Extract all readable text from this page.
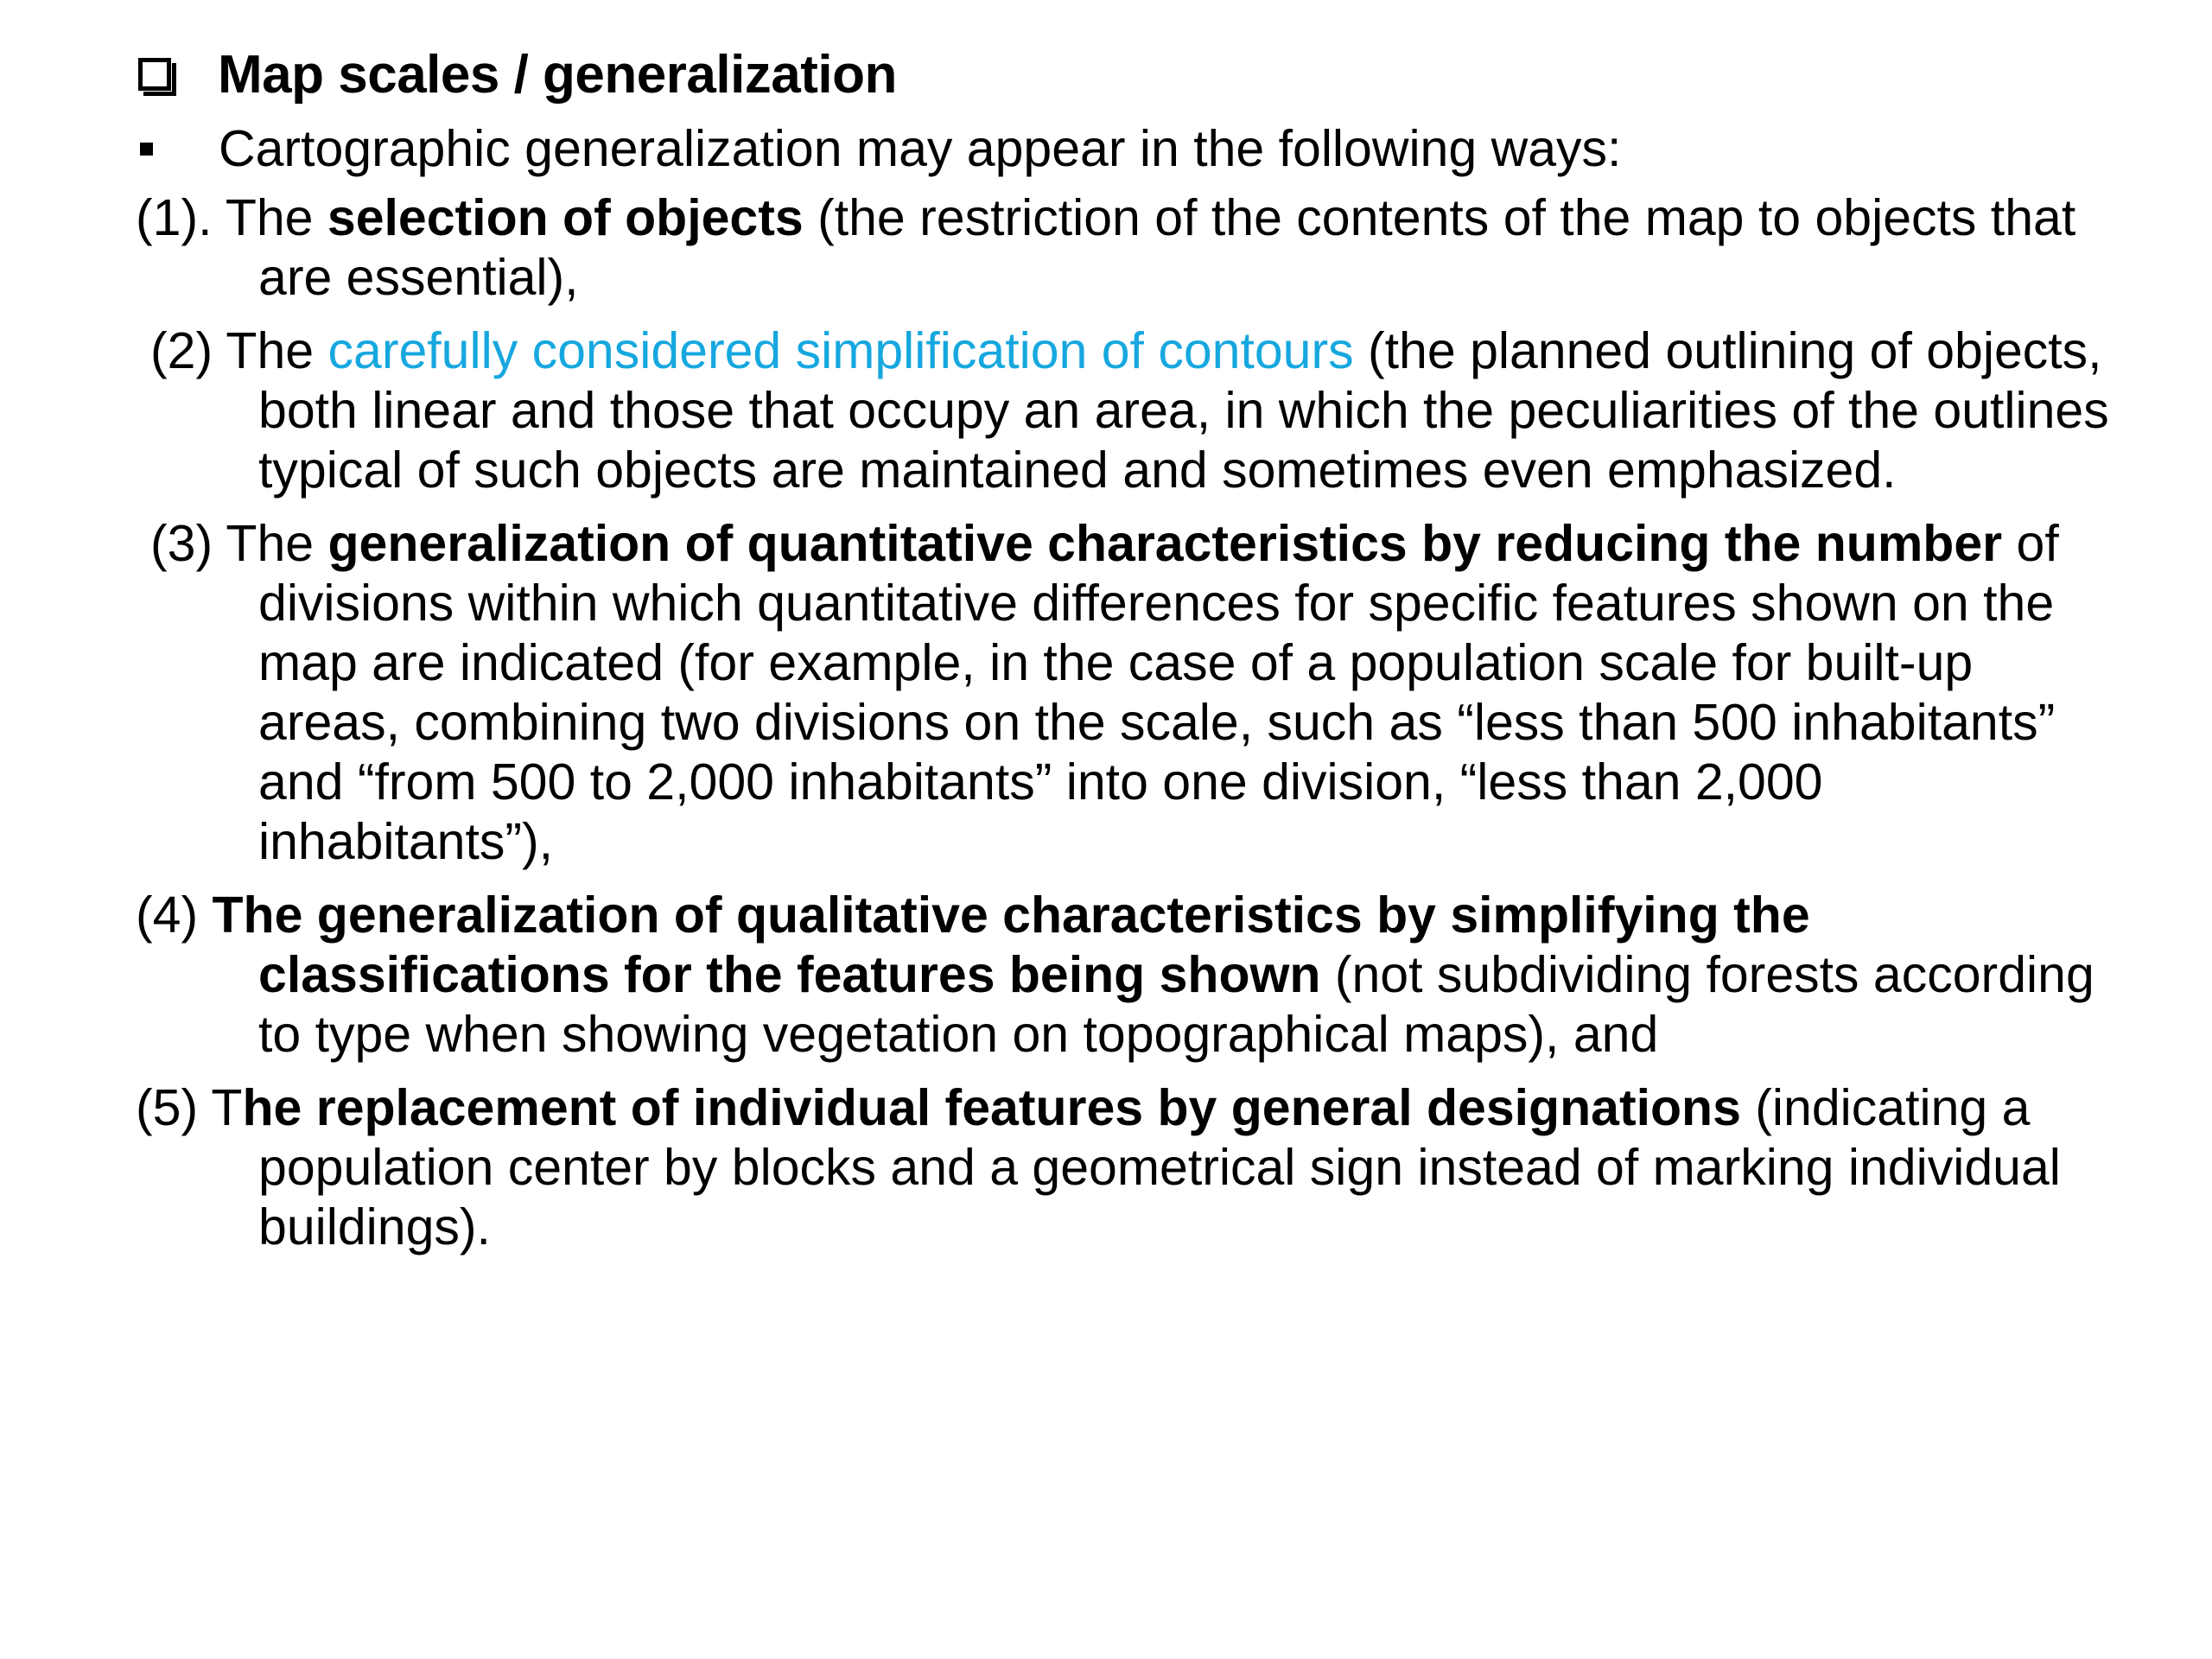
Map scales / generalization
Cartographic generalization may appear in the following ways:
(1). The selection of objects (the restriction of the contents of the map to objects that are essential),
(2) The carefully considered simplification of contours (the planned outlining of objects, both linear and those that occupy an area, in which the peculiarities of the outlines typical of such objects are maintained and sometimes even emphasized.
(3) The generalization of quantitative characteristics by reducing the number of divisions within which quantitative differences for specific features shown on the map are indicated (for example, in the case of a population scale for built-up areas, combining two divisions on the scale, such as “less than 500 inhabitants” and “from 500 to 2,000 inhabitants” into one division, “less than 2,000 inhabitants”),
(4) The generalization of qualitative characteristics by simplifying the classifications for the features being shown (not subdividing forests according to type when showing vegetation on topographical maps), and
(5) The replacement of individual features by general designations (indicating a population center by blocks and a geometrical sign instead of marking individual buildings).
